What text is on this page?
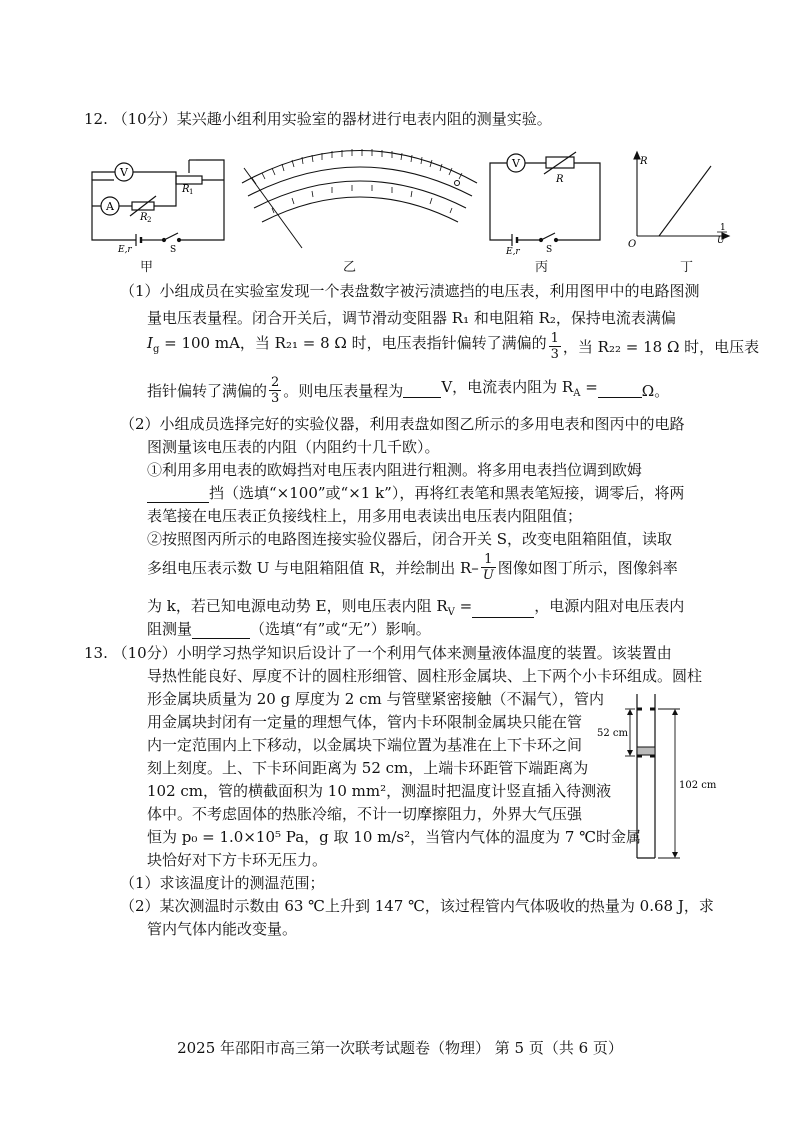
12. （10分）某兴趣小组利用实验室的器材进行电表内阻的测量实验。
V
A
R 1
R 2
E,r	S
甲	乙
V
R
E,r	S
丙
R
O
1
U
丁
（1）小组成员在实验室发现一个表盘数字被污渍遮挡的电压表，利用图甲中的电路图测
量电压表量程。闭合开关后，调节滑动变阻器 R₁ 和电阻箱 R₂，保持电流表满偏
$I_g = 100$ mA，当 R₂₁ = 8 Ω 时，电压表指针偏转了满偏的 $\frac{1}{3}$ ，当 R₂₂ = 18 Ω 时，电压表
指针偏转了满偏的 $\frac{2}{3}$ 。则电压表量程为	V，电流表内阻为 $R_A$ =	Ω。
（2）小组成员选择完好的实验仪器，利用表盘如图乙所示的多用电表和图丙中的电路
图测量该电压表的内阻（内阻约十几千欧）。
①利用多用电表的欧姆挡对电压表内阻进行粗测。将多用电表挡位调到欧姆
挡（选填“×100”或“×1 k”），再将红表笔和黑表笔短接，调零后，将两
表笔接在电压表正负接线柱上，用多用电表读出电压表内阻阻值；
②按照图丙所示的电路图连接实验仪器后，闭合开关 S，改变电阻箱阻值，读取
多组电压表示数 U 与电阻箱阻值 R，并绘制出 $R- \frac{1}{U}$ 图像如图丁所示，图像斜率
为 k，若已知电源电动势 E，则电压表内阻 $R_V$ =	，电源内阻对电压表内
阻测量	（选填“有”或“无”）影响。
13. （10分）小明学习热学知识后设计了一个利用气体来测量液体温度的装置。该装置由
导热性能良好、厚度不计的圆柱形细管、圆柱形金属块、上下两个小卡环组成。圆柱
形金属块质量为 20 g 厚度为 2 cm 与管壁紧密接触（不漏气），管内
用金属块封闭有一定量的理想气体，管内卡环限制金属块只能在管
内一定范围内上下移动，以金属块下端位置为基准在上下卡环之间
刻上刻度。上、下卡环间距离为 52 cm，上端卡环距管下端距离为
102 cm，管的横截面积为 10 mm²，测温时把温度计竖直插入待测液
体中。不考虑固体的热胀冷缩，不计一切摩擦阻力，外界大气压强
恒为 p₀ = 1.0×10⁵ Pa，g 取 10 m/s²，当管内气体的温度为 7 ℃时金属
块恰好对下方卡环无压力。
（1）求该温度计的测温范围；
（2）某次测温时示数由 63 ℃上升到 147 ℃，该过程管内气体吸收的热量为 0.68 J，求
管内气体内能改变量。
52 cm
102 cm
2025 年邵阳市高三第一次联考试题卷（物理） 第 5 页（共 6 页）
